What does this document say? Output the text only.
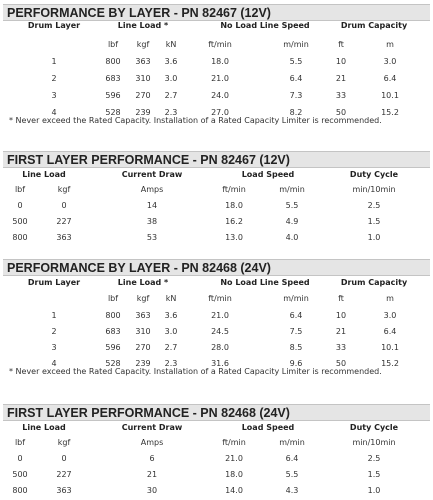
PERFORMANCE BY LAYER - PN 82467 (12V)
Drum Layer	Line Load *	No Load Line Speed	Drum Capacity
lbf kgf kN	ft/min	m/min	ft	m
1	800 363 3.6	18.0	5.5	10	3.0
2	683 310 3.0	21.0	6.4	21	6.4
3	596 270 2.7	24.0	7.3	33	10.1
4	528 239 2.3	27.0	8.2	50	15.2
* Never exceed the Rated Capacity. Installation of a Rated Capacity Limiter is recommended.
FIRST LAYER PERFORMANCE - PN 82467 (12V)
Line Load	Current Draw	Load Speed	Duty Cycle
lbf	kgf	Amps	ft/min	m/min	min/10min
0	0	14	18.0	5.5	2.5
500	227	38	16.2	4.9	1.5
800	363	53	13.0	4.0	1.0
PERFORMANCE BY LAYER - PN 82468 (24V)
Drum Layer	Line Load *	No Load Line Speed	Drum Capacity
lbf kgf kN	ft/min	m/min	ft	m
1	800 363 3.6	21.0	6.4	10	3.0
2	683 310 3.0	24.5	7.5	21	6.4
3	596 270 2.7	28.0	8.5	33	10.1
4	528 239 2.3	31.6	9.6	50	15.2
* Never exceed the Rated Capacity. Installation of a Rated Capacity Limiter is recommended.
FIRST LAYER PERFORMANCE - PN 82468 (24V)
Line Load	Current Draw	Load Speed	Duty Cycle
lbf	kgf	Amps	ft/min	m/min	min/10min
0	0	6	21.0	6.4	2.5
500	227	21	18.0	5.5	1.5
800	363	30	14.0	4.3	1.0
